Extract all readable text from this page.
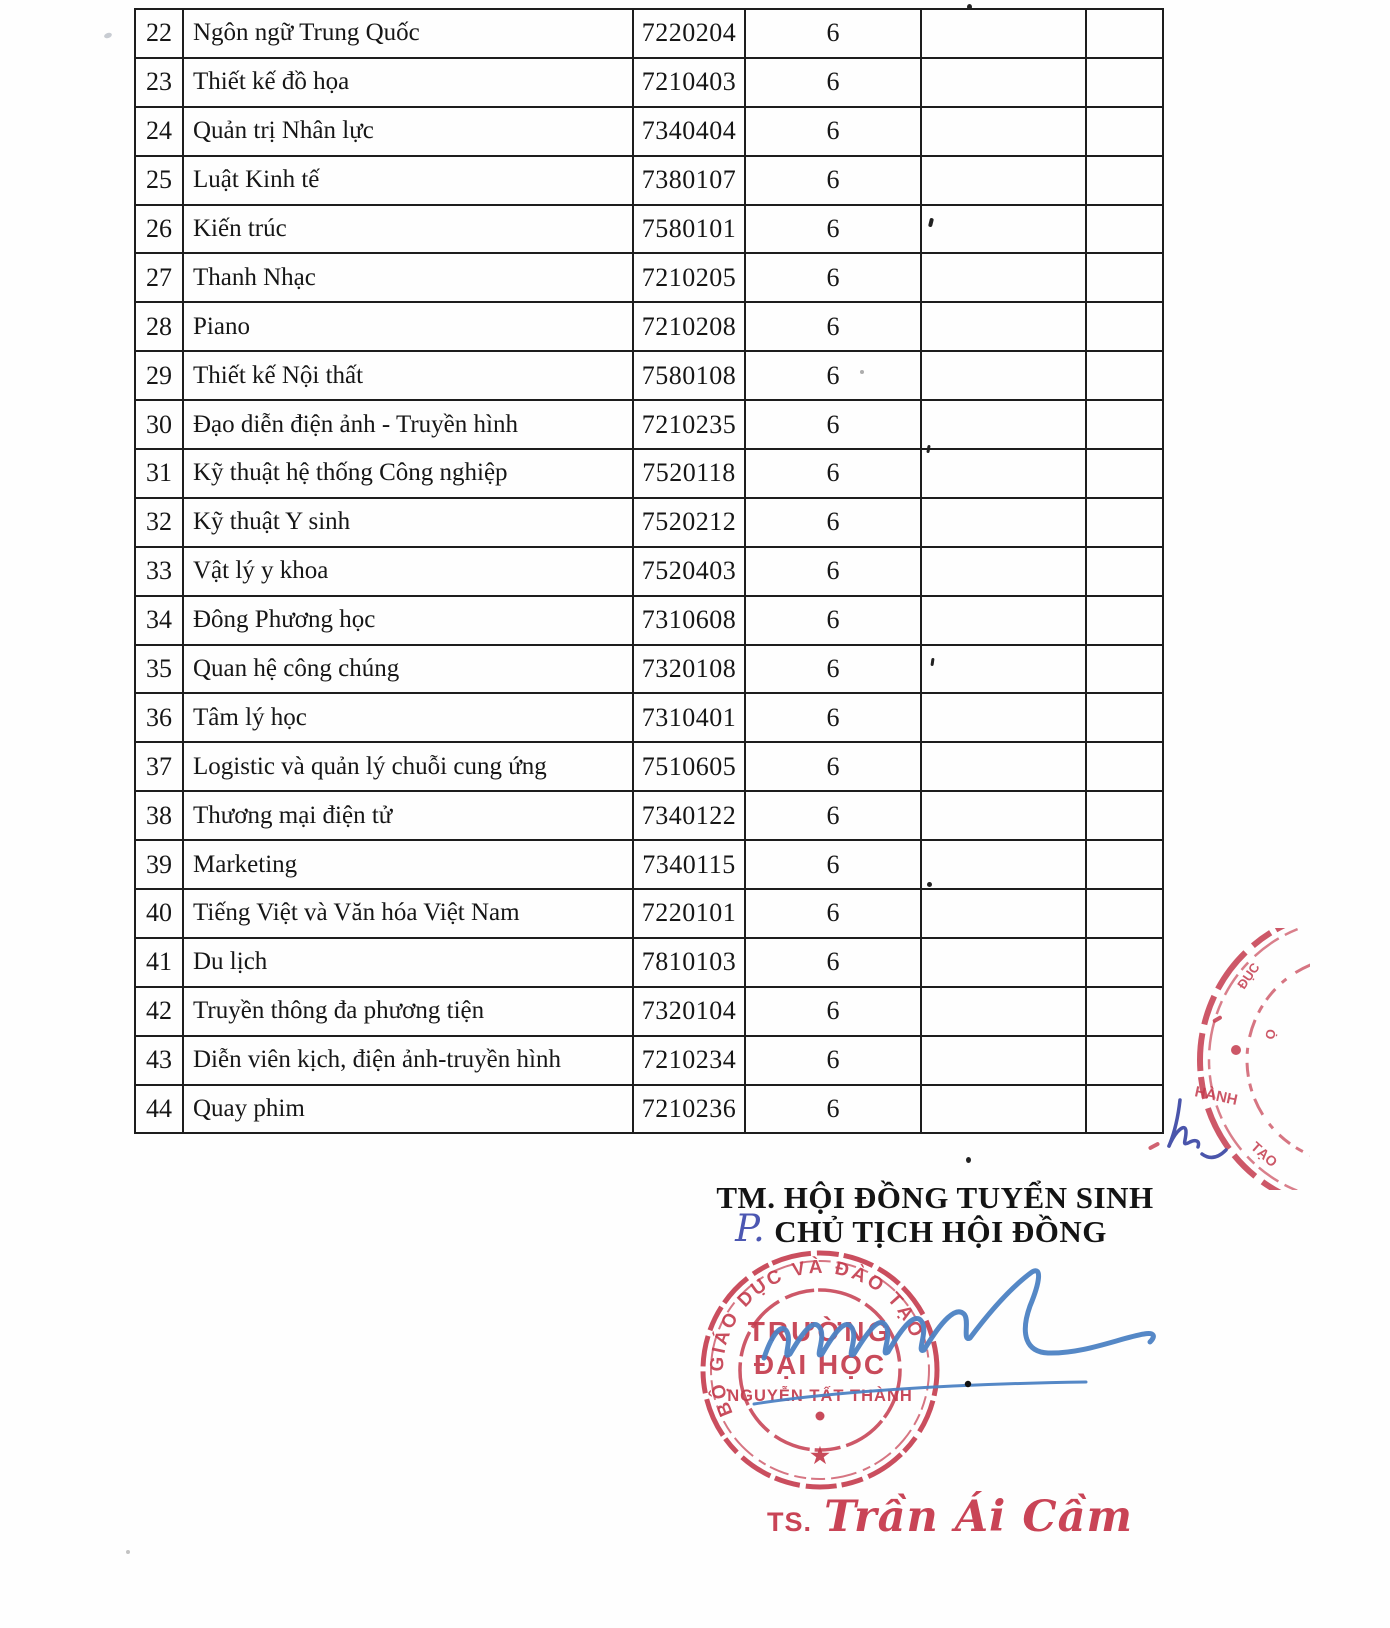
22	Ngôn ngữ Trung Quốc	7220204	6		
23	Thiết kế đồ họa	7210403	6		
24	Quản trị Nhân lực	7340404	6		
25	Luật Kinh tế	7380107	6		
26	Kiến trúc	7580101	6		
27	Thanh Nhạc	7210205	6		
28	Piano	7210208	6		
29	Thiết kế Nội thất	7580108	6		
30	Đạo diễn điện ảnh - Truyền hình	7210235	6		
31	Kỹ thuật hệ thống Công nghiệp	7520118	6		
32	Kỹ thuật Y sinh	7520212	6		
33	Vật lý y khoa	7520403	6		
34	Đông Phương học	7310608	6		
35	Quan hệ công chúng	7320108	6		
36	Tâm lý học	7310401	6		
37	Logistic và quản lý chuỗi cung ứng	7510605	6		
38	Thương mại điện tử	7340122	6		
39	Marketing	7340115	6		
40	Tiếng Việt và Văn hóa Việt Nam	7220101	6		
41	Du lịch	7810103	6		
42	Truyền thông đa phương tiện	7320104	6		
43	Diễn viên kịch, điện ảnh-truyền hình	7210234	6		
44	Quay phim	7210236	6		
TM. HỘI ĐỒNG TUYỂN SINH
P. CHỦ TỊCH HỘI ĐỒNG
BỘ GIÁO DỤC VÀ ĐÀO TẠO
TRƯỜNG
ĐẠI HỌC
NGUYỄN TẤT THÀNH
★
ĐỤC
HÀNH
TẠO
Ọ
TS. Trần Ái Cầm
